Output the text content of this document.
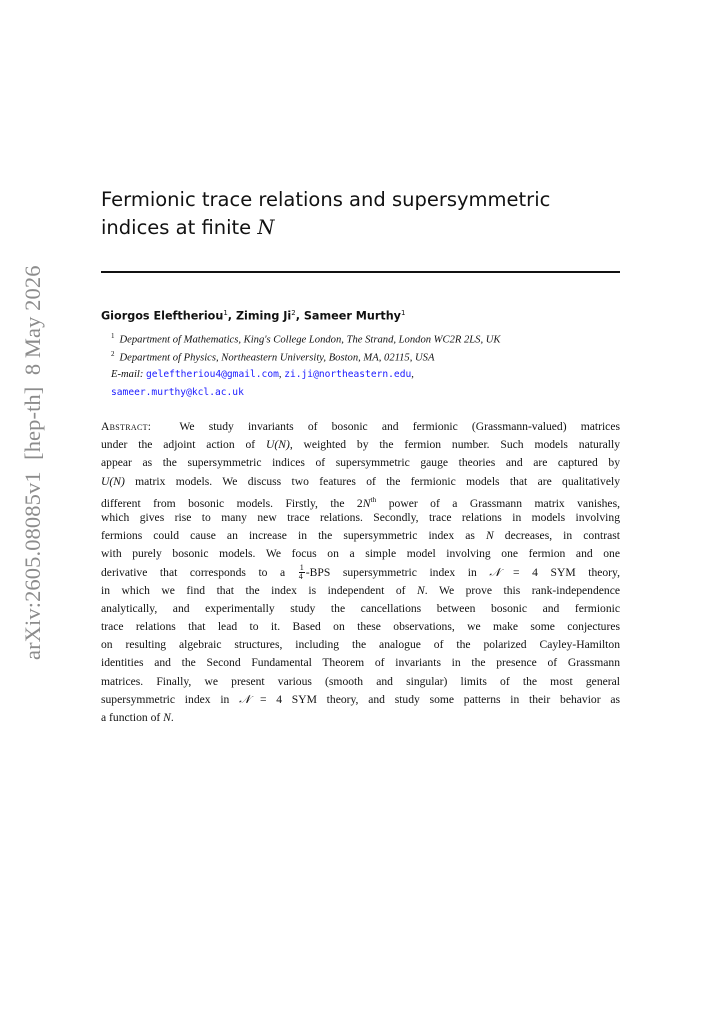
arXiv:2605.08085v1  [hep-th]  8 May 2026
Fermionic trace relations and supersymmetric
indices at finite N
Giorgos Eleftheriou$^1$, Ziming Ji$^2$, Sameer Murthy$^1$
$^1$ Department of Mathematics, King's College London, The Strand, London WC2R 2LS, UK
$^2$ Department of Physics, Northeastern University, Boston, MA, 02115, USA
E-mail: geleftheriou4@gmail.com, zi.ji@northeastern.edu,
sameer.murthy@kcl.ac.uk
Abstract: We study invariants of bosonic and fermionic (Grassmann-valued) matrices
under the adjoint action of U(N), weighted by the fermion number. Such models naturally
appear as the supersymmetric indices of supersymmetric gauge theories and are captured by
U(N) matrix models. We discuss two features of the fermionic models that are qualitatively
different from bosonic models. Firstly, the $2N^{th}$ power of a Grassmann matrix vanishes,
which gives rise to many new trace relations. Secondly, trace relations in models involving
fermions could cause an increase in the supersymmetric index as N decreases, in contrast
with purely bosonic models. We focus on a simple model involving one fermion and one
derivative that corresponds to a $\frac{1}{4} -BPS$ supersymmetric index in 𝒩 = 4 SYM theory,
in which we find that the index is independent of N. We prove this rank-independence
analytically, and experimentally study the cancellations between bosonic and fermionic
trace relations that lead to it. Based on these observations, we make some conjectures
on resulting algebraic structures, including the analogue of the polarized Cayley-Hamilton
identities and the Second Fundamental Theorem of invariants in the presence of Grassmann
matrices. Finally, we present various (smooth and singular) limits of the most general
supersymmetric index in 𝒩 = 4 SYM theory, and study some patterns in their behavior as
a function of N.
